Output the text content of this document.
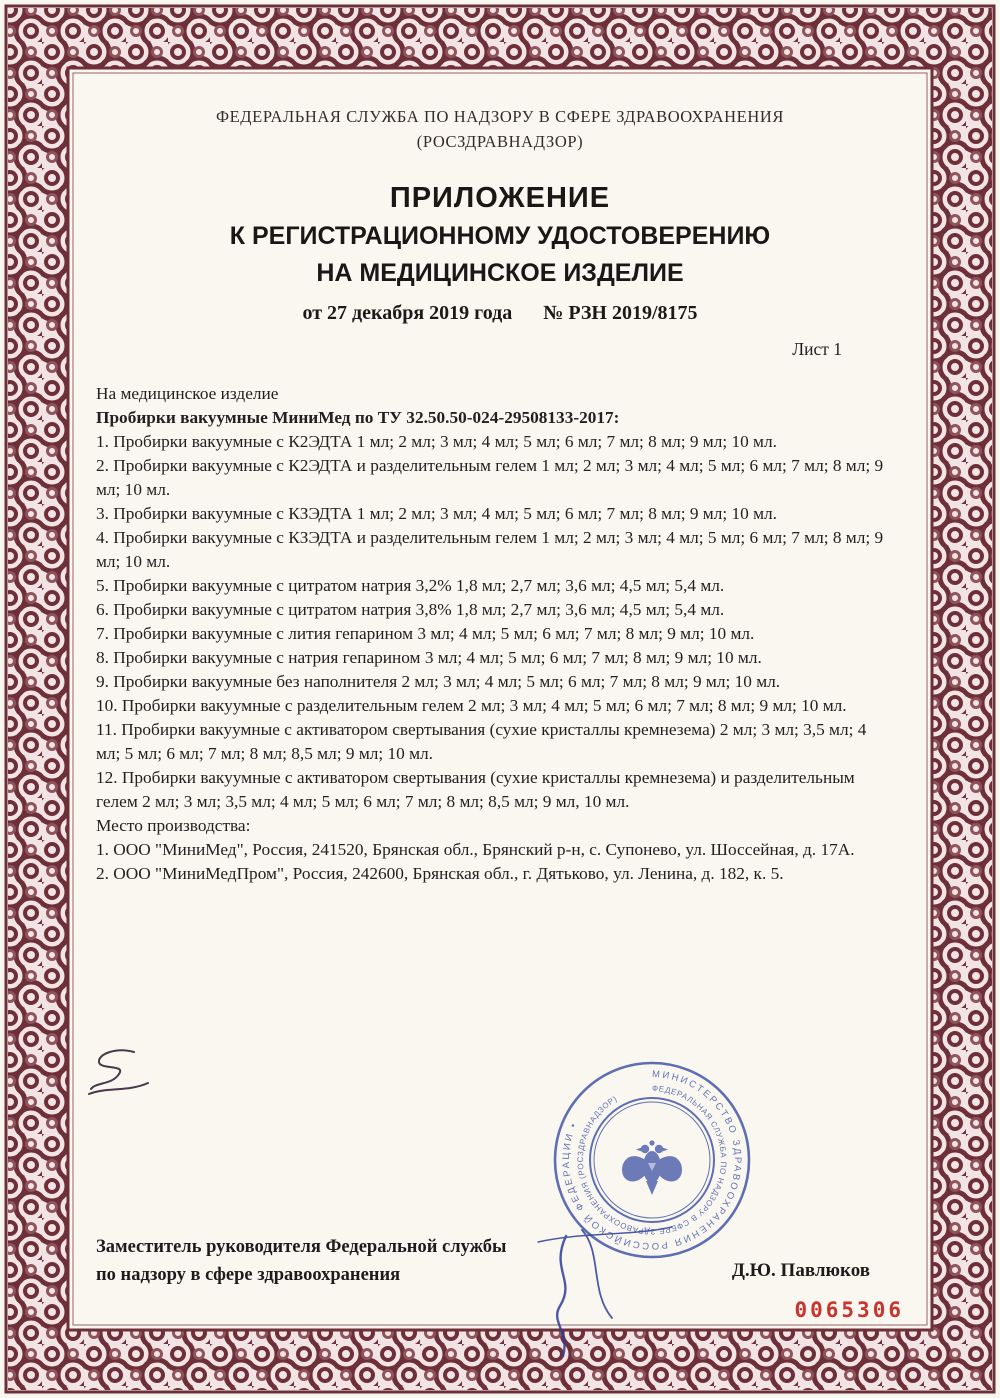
ФЕДЕРАЛЬНАЯ СЛУЖБА ПО НАДЗОРУ В СФЕРЕ ЗДРАВООХРАНЕНИЯ
(РОСЗДРАВНАДЗОР)
ПРИЛОЖЕНИЕ
К РЕГИСТРАЦИОННОМУ УДОСТОВЕРЕНИЮ
НА МЕДИЦИНСКОЕ ИЗДЕЛИЕ
от 27 декабря 2019 года № РЗН 2019/8175
Лист 1

На медицинское изделие

Пробирки вакуумные МиниМед по ТУ 32.50.50-024-29508133-2017:

1. Пробирки вакуумные с К2ЭДТА 1 мл; 2 мл; 3 мл; 4 мл; 5 мл; 6 мл; 7 мл; 8 мл; 9 мл; 10 мл.

2. Пробирки вакуумные с К2ЭДТА и разделительным гелем 1 мл; 2 мл; 3 мл; 4 мл; 5 мл; 6 мл; 7 мл; 8 мл; 9 мл; 10 мл.

3. Пробирки вакуумные с КЗЭДТА 1 мл; 2 мл; 3 мл; 4 мл; 5 мл; 6 мл; 7 мл; 8 мл; 9 мл; 10 мл.

4. Пробирки вакуумные с КЗЭДТА и разделительным гелем 1 мл; 2 мл; 3 мл; 4 мл; 5 мл; 6 мл; 7 мл; 8 мл; 9 мл; 10 мл.

5. Пробирки вакуумные с цитратом натрия 3,2% 1,8 мл; 2,7 мл; 3,6 мл; 4,5 мл; 5,4 мл.

6. Пробирки вакуумные с цитратом натрия 3,8% 1,8 мл; 2,7 мл; 3,6 мл; 4,5 мл; 5,4 мл.

7. Пробирки вакуумные с лития гепарином 3 мл; 4 мл; 5 мл; 6 мл; 7 мл; 8 мл; 9 мл; 10 мл.

8. Пробирки вакуумные с натрия гепарином 3 мл; 4 мл; 5 мл; 6 мл; 7 мл; 8 мл; 9 мл; 10 мл.

9. Пробирки вакуумные без наполнителя 2 мл; 3 мл; 4 мл; 5 мл; 6 мл; 7 мл; 8 мл; 9 мл; 10 мл.

10. Пробирки вакуумные с разделительным гелем 2 мл; 3 мл; 4 мл; 5 мл; 6 мл; 7 мл; 8 мл; 9 мл; 10 мл.

11. Пробирки вакуумные с активатором свертывания (сухие кристаллы кремнезема) 2 мл; 3 мл; 3,5 мл; 4 мл; 5 мл; 6 мл; 7 мл; 8 мл; 8,5 мл; 9 мл; 10 мл.

12. Пробирки вакуумные с активатором свертывания (сухие кристаллы кремнезема) и разделительным гелем 2 мл; 3 мл; 3,5 мл; 4 мл; 5 мл; 6 мл; 7 мл; 8 мл; 8,5 мл; 9 мл, 10 мл.

Место производства:

1. ООО "МиниМед", Россия, 241520, Брянская обл., Брянский р-н, с. Супонево, ул. Шоссейная, д. 17А.

2. ООО "МиниМедПром", Россия, 242600, Брянская обл., г. Дятьково, ул. Ленина, д. 182, к. 5.

МИНИСТЕРСТВО ЗДРАВООХРАНЕНИЯ РОССИЙСКОЙ ФЕДЕРАЦИИ •
ФЕДЕРАЛЬНАЯ СЛУЖБА ПО НАДЗОРУ В СФЕРЕ ЗДРАВООХРАНЕНИЯ (РОСЗДРАВНАДЗОР)
Заместитель руководителя Федеральной службы
по надзору в сфере здравоохранения	Д.Ю. Павлюков
0065306
